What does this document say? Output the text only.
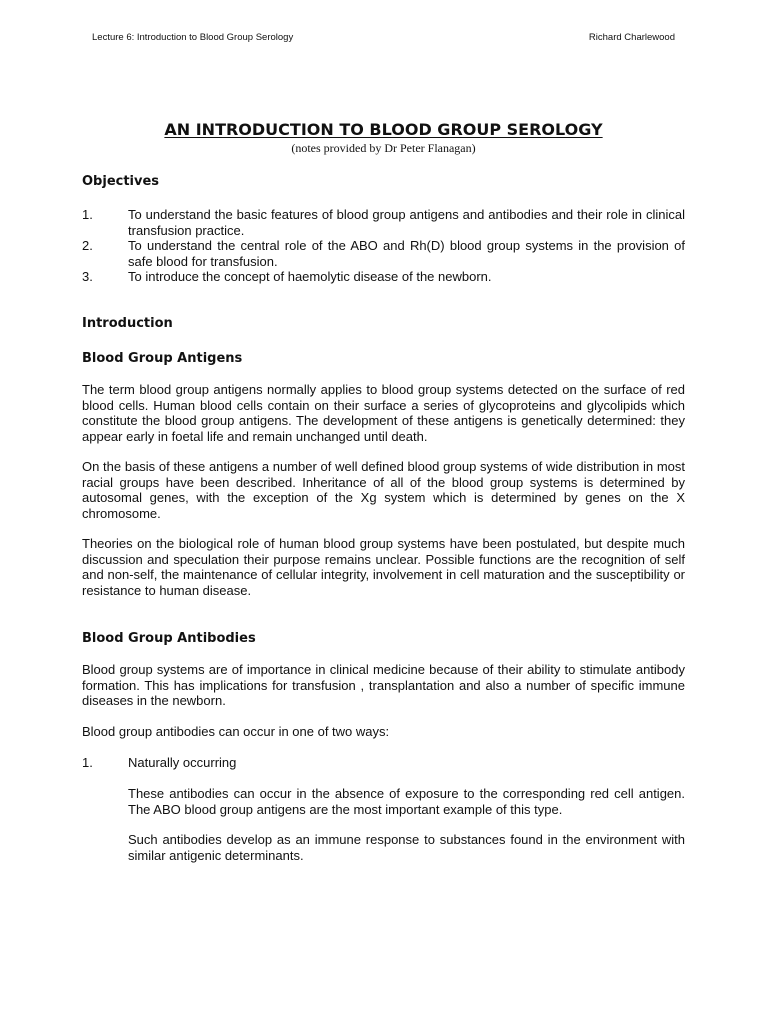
Lecture 6: Introduction to Blood Group Serology	Richard Charlewood
AN INTRODUCTION TO BLOOD GROUP SEROLOGY
(notes provided by Dr Peter Flanagan)
Objectives
1.	To understand the basic features of blood group antigens and antibodies and their role in clinical transfusion practice.
2.	To understand the central role of the ABO and Rh(D) blood group systems in the provision of safe blood for transfusion.
3.	To introduce the concept of haemolytic disease of the newborn.
Introduction
Blood Group Antigens

The term blood group antigens normally applies to blood group systems detected on the surface of red blood cells. Human blood cells contain on their surface a series of glycoproteins and glycolipids which constitute the blood group antigens. The development of these antigens is genetically determined: they appear early in foetal life and remain unchanged until death.

On the basis of these antigens a number of well defined blood group systems of wide distribution in most racial groups have been described. Inheritance of all of the blood group systems is determined by autosomal genes, with the exception of the Xg system which is determined by genes on the X chromosome.

Theories on the biological role of human blood group systems have been postulated, but despite much discussion and speculation their purpose remains unclear. Possible functions are the recognition of self and non-self, the maintenance of cellular integrity, involvement in cell maturation and the susceptibility or resistance to human disease.

Blood Group Antibodies

Blood group systems are of importance in clinical medicine because of their ability to stimulate antibody formation. This has implications for transfusion , transplantation and also a number of specific immune diseases in the newborn.

Blood group antibodies can occur in one of two ways:

1.	Naturally occurring

These antibodies can occur in the absence of exposure to the corresponding red cell antigen. The ABO blood group antigens are the most important example of this type.

Such antibodies develop as an immune response to substances found in the environment with similar antigenic determinants.
